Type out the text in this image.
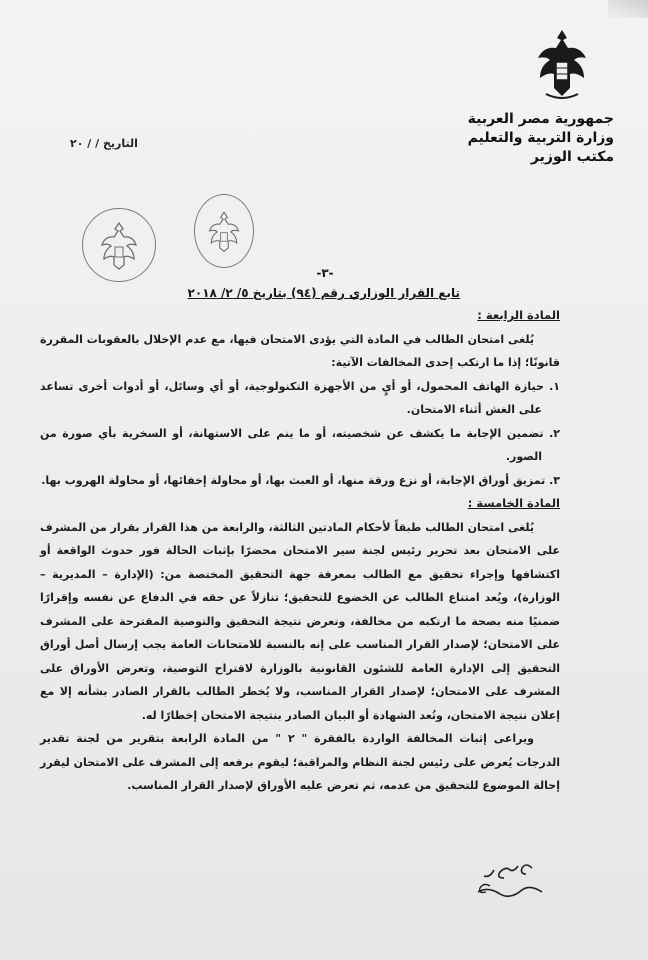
جمهورية مصر العربية
وزارة التربية والتعليم
مكتب الوزير
التاريخ / / ٢٠
-٣-
تابع القرار الوزاري رقم (٩٤) بتاريخ ٥/ ٢/ ٢٠١٨

المادة الرابعة :

يُلغى امتحان الطالب في المادة التي يؤدى الامتحان فيها، مع عدم الإخلال بالعقوبات المقررة قانونًا؛ إذا ما ارتكب إحدى المخالفات الآتية:

١. حيازة الهاتف المحمول، أو أيٍ من الأجهزة التكنولوجية، أو أي وسائل، أو أدوات أخرى تساعد على الغش أثناء الامتحان.

٢. تضمين الإجابة ما يكشف عن شخصيته، أو ما ينم على الاستهانة، أو السخرية بأي صورة من الصور.

٣. تمزيق أوراق الإجابة، أو نزع ورقة منها، أو العبث بها، أو محاولة إخفائها، أو محاولة الهروب بها.

المادة الخامسة :

يُلغى امتحان الطالب طبقاً لأحكام المادتين الثالثة، والرابعة من هذا القرار بقرار من المشرف على الامتحان بعد تحرير رئيس لجنة سير الامتحان محضرًا بإثبات الحالة فور حدوث الواقعة أو اكتشافها وإجراء تحقيق مع الطالب بمعرفة جهة التحقيق المختصة من: (الإدارة – المديرية – الوزارة)، ويُعد امتناع الطالب عن الخضوع للتحقيق؛ تنازلاً عن حقه في الدفاع عن نفسه وإقرارًا ضمنيًا منه بصحة ما ارتكبه من مخالفة، وتعرض نتيجة التحقيق والتوصية المقترحة على المشرف على الامتحان؛ لإصدار القرار المناسب على إنه بالنسبة للامتحانات العامة يجب إرسال أصل أوراق التحقيق إلى الإدارة العامة للشئون القانونية بالوزارة لاقتراح التوصية، وتعرض الأوراق على المشرف على الامتحان؛ لإصدار القرار المناسب، ولا يُخطر الطالب بالقرار الصادر بشأنه إلا مع إعلان نتيجة الامتحان، وتُعد الشهادة أو البيان الصادر بنتيجة الامتحان إخطارًا له.

ويراعى إثبات المخالفة الواردة بالفقرة " ٢ " من المادة الرابعة بتقرير من لجنة تقدير الدرجات يُعرض على رئيس لجنة النظام والمراقبة؛ ليقوم برفعه إلى المشرف على الامتحان ليقرر إحالة الموضوع للتحقيق من عدمه، ثم تعرض عليه الأوراق لإصدار القرار المناسب.
